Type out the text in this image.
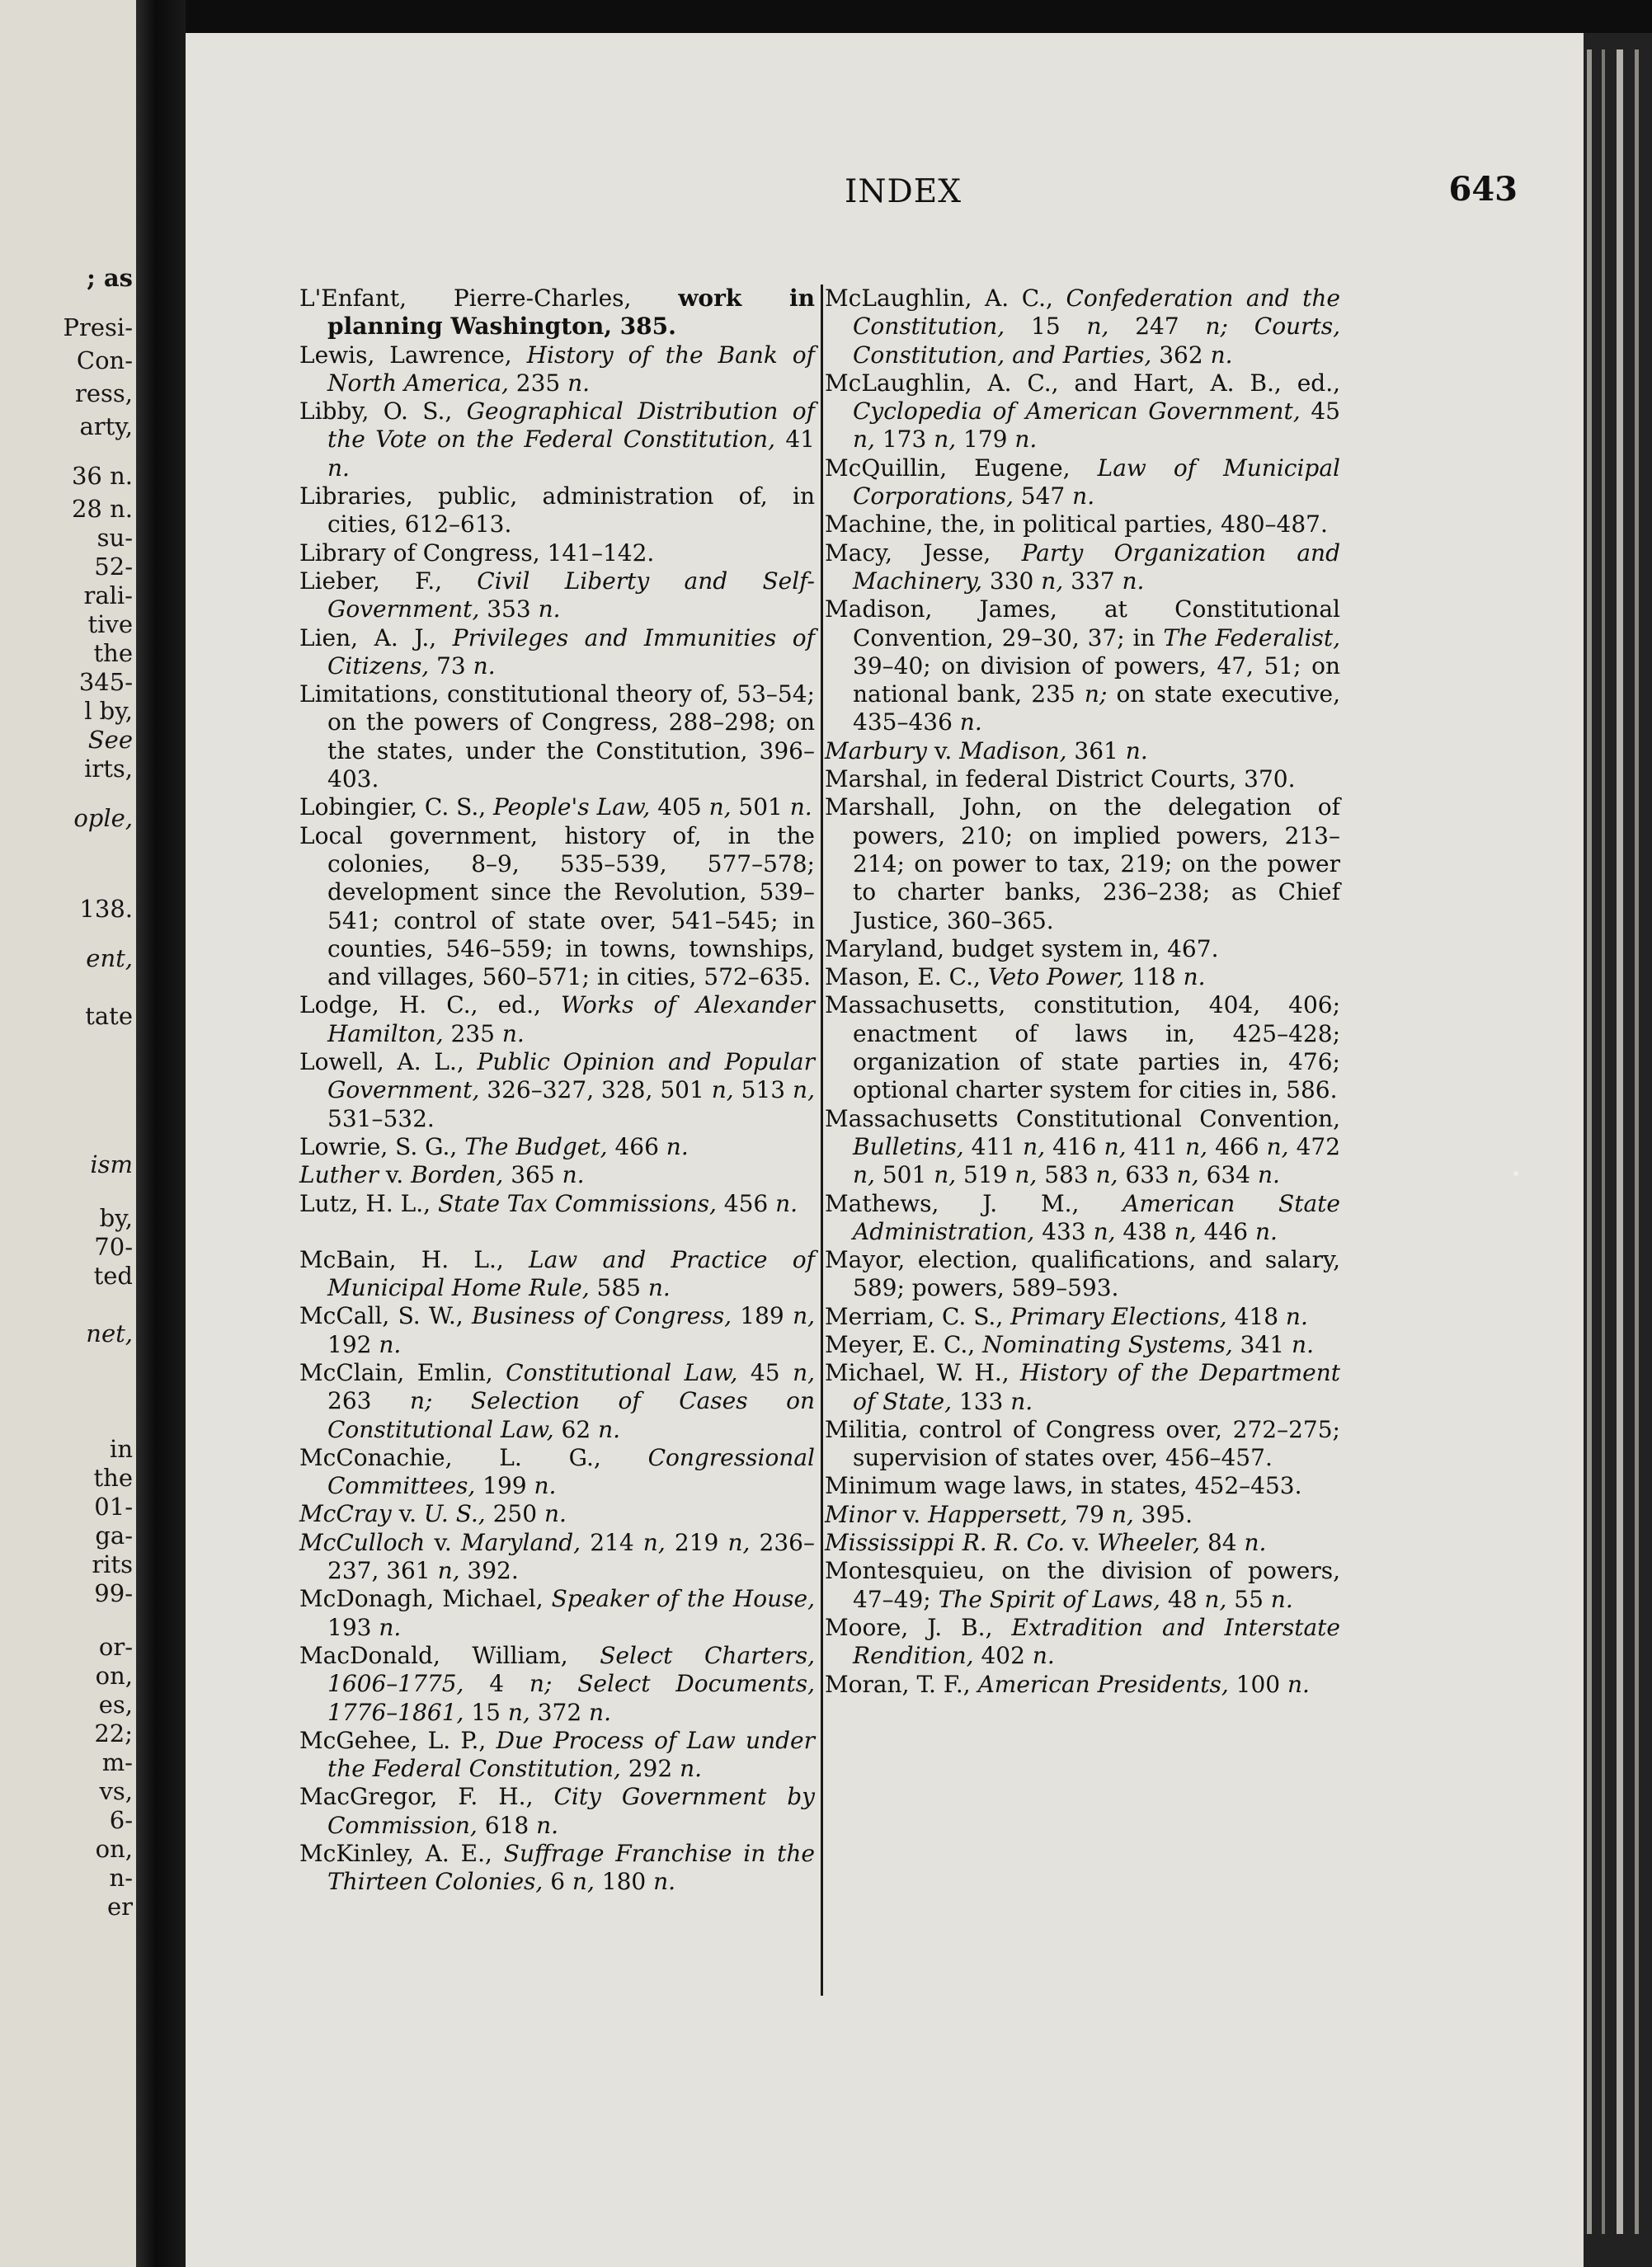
; as
Presi-
Con-
ress,
arty,
36 n.
28 n.
su-
52-
rali-
tive
the
345-
l by,
See
irts,
ople,
138.
ent,
tate
ism
by,
70-
ted
net,
in
the
01-
ga-
rits
99-
or-
on,
es,
22;
m-
vs,
6-
on,
n-
er
INDEX	643

L'Enfant, Pierre-Charles, work in planning Washington, 385.

Lewis, Lawrence, History of the Bank of North America, 235 n.

Libby, O. S., Geographical Distribution of the Vote on the Federal Constitution, 41 n.

Libraries, public, administration of, in cities, 612–613.

Library of Congress, 141–142.

Lieber, F., Civil Liberty and Self-Government, 353 n.

Lien, A. J., Privileges and Immunities of Citizens, 73 n.

Limitations, constitutional theory of, 53–54; on the powers of Congress, 288–298; on the states, under the Constitution, 396–403.

Lobingier, C. S., People's Law, 405 n, 501 n.

Local government, history of, in the colonies, 8–9, 535–539, 577–578; development since the Revolution, 539–541; control of state over, 541–545; in counties, 546–559; in towns, townships, and villages, 560–571; in cities, 572–635.

Lodge, H. C., ed., Works of Alexander Hamilton, 235 n.

Lowell, A. L., Public Opinion and Popular Government, 326–327, 328, 501 n, 513 n, 531–532.

Lowrie, S. G., The Budget, 466 n.

Luther v. Borden, 365 n.

Lutz, H. L., State Tax Commissions, 456 n.

McBain, H. L., Law and Practice of Municipal Home Rule, 585 n.

McCall, S. W., Business of Congress, 189 n, 192 n.

McClain, Emlin, Constitutional Law, 45 n, 263 n; Selection of Cases on Constitutional Law, 62 n.

McConachie, L. G., Congressional Committees, 199 n.

McCray v. U. S., 250 n.

McCulloch v. Maryland, 214 n, 219 n, 236–237, 361 n, 392.

McDonagh, Michael, Speaker of the House, 193 n.

MacDonald, William, Select Charters, 1606–1775, 4 n; Select Documents, 1776–1861, 15 n, 372 n.

McGehee, L. P., Due Process of Law under the Federal Constitution, 292 n.

MacGregor, F. H., City Government by Commission, 618 n.

McKinley, A. E., Suffrage Franchise in the Thirteen Colonies, 6 n, 180 n.

McLaughlin, A. C., Confederation and the Constitution, 15 n, 247 n; Courts, Constitution, and Parties, 362 n.

McLaughlin, A. C., and Hart, A. B., ed., Cyclopedia of American Government, 45 n, 173 n, 179 n.

McQuillin, Eugene, Law of Municipal Corporations, 547 n.

Machine, the, in political parties, 480–487.

Macy, Jesse, Party Organization and Machinery, 330 n, 337 n.

Madison, James, at Constitutional Convention, 29–30, 37; in The Federalist, 39–40; on division of powers, 47, 51; on national bank, 235 n; on state executive, 435–436 n.

Marbury v. Madison, 361 n.

Marshal, in federal District Courts, 370.

Marshall, John, on the delegation of powers, 210; on implied powers, 213–214; on power to tax, 219; on the power to charter banks, 236–238; as Chief Justice, 360–365.

Maryland, budget system in, 467.

Mason, E. C., Veto Power, 118 n.

Massachusetts, constitution, 404, 406; enactment of laws in, 425–428; organization of state parties in, 476; optional charter system for cities in, 586.

Massachusetts Constitutional Convention, Bulletins, 411 n, 416 n, 411 n, 466 n, 472 n, 501 n, 519 n, 583 n, 633 n, 634 n.

Mathews, J. M., American State Administration, 433 n, 438 n, 446 n.

Mayor, election, qualifications, and salary, 589; powers, 589–593.

Merriam, C. S., Primary Elections, 418 n.

Meyer, E. C., Nominating Systems, 341 n.

Michael, W. H., History of the Department of State, 133 n.

Militia, control of Congress over, 272–275; supervision of states over, 456–457.

Minimum wage laws, in states, 452–453.

Minor v. Happersett, 79 n, 395.

Mississippi R. R. Co. v. Wheeler, 84 n.

Montesquieu, on the division of powers, 47–49; The Spirit of Laws, 48 n, 55 n.

Moore, J. B., Extradition and Interstate Rendition, 402 n.

Moran, T. F., American Presidents, 100 n.
